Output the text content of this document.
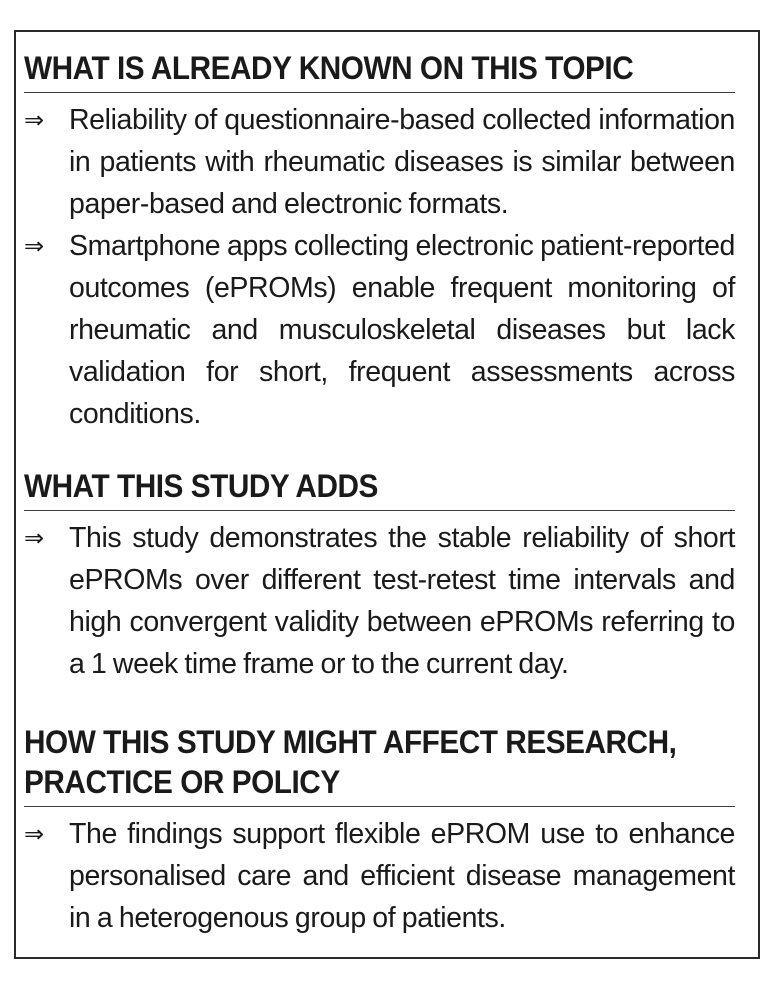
WHAT IS ALREADY KNOWN ON THIS TOPIC
⇒ Reliability of questionnaire-based collected information in patients with rheumatic diseases is similar between paper-based and electronic formats.
⇒ Smartphone apps collecting electronic patient-reported outcomes (ePROMs) enable frequent monitoring of rheumatic and musculoskeletal diseases but lack validation for short, frequent assessments across conditions.
WHAT THIS STUDY ADDS
⇒ This study demonstrates the stable reliability of short ePROMs over different test-retest time intervals and high convergent validity between ePROMs referring to a 1 week time frame or to the current day.
HOW THIS STUDY MIGHT AFFECT RESEARCH,
PRACTICE OR POLICY
⇒ The findings support flexible ePROM use to enhance personalised care and efficient disease management in a heterogenous group of patients.
